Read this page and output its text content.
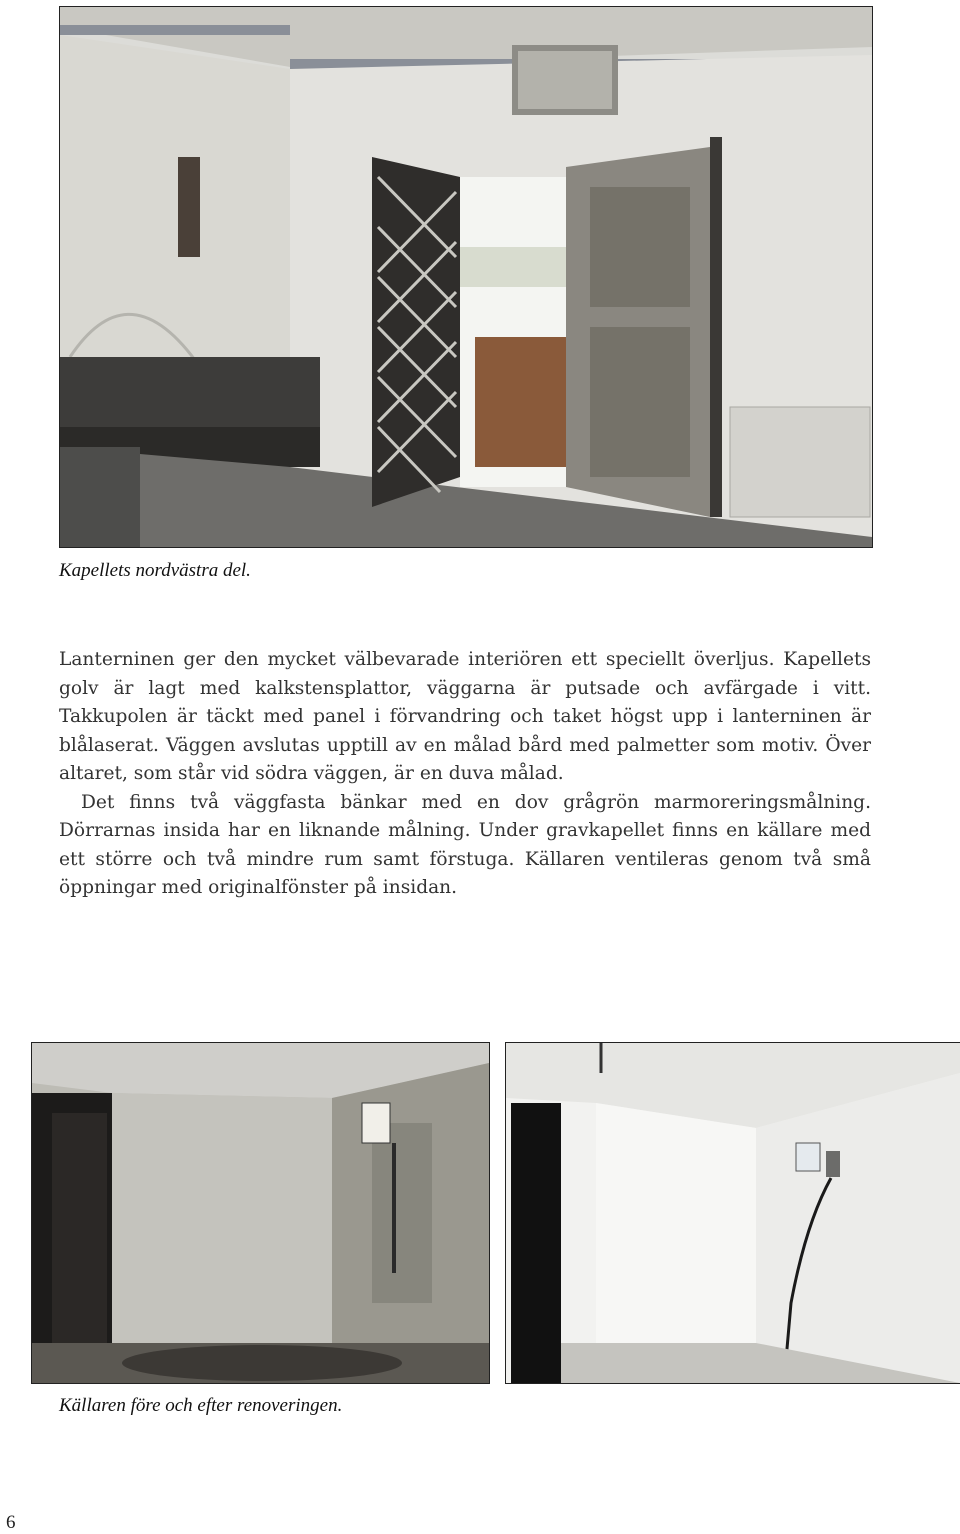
Kapellets nordvästra del.

Lanterninen ger den mycket välbevarade interiören ett speciellt överljus. Kapellets golv är lagt med kalkstensplattor, väggarna är putsade och avfärgade i vitt. Takkupolen är täckt med panel i förvandring och taket högst upp i lanterninen är blålaserat. Väggen avslutas upptill av en målad bård med palmetter som motiv. Över altaret, som står vid södra väggen, är en duva målad.

Det finns två väggfasta bänkar med en dov grågrön marmoreringsmålning. Dörrarnas insida har en liknande målning. Under gravkapellet finns en källare med ett större och två mindre rum samt förstuga. Källaren ventileras genom två små öppningar med originalfönster på insidan.

Källaren före och efter renoveringen.
6
